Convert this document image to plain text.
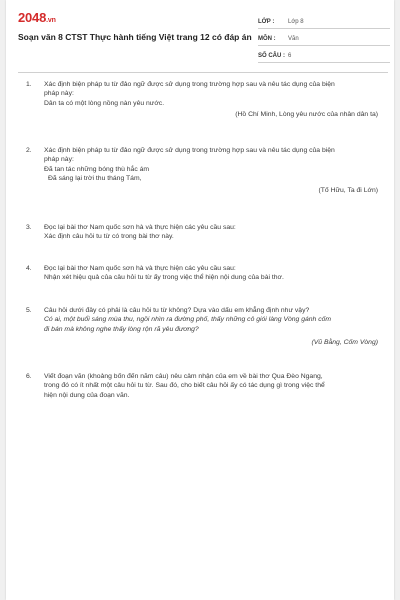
2048.vn
Soạn văn 8 CTST Thực hành tiếng Việt trang 12 có đáp án
LỚP : Lớp 8
MÔN : Văn
SỐ CÂU : 6
1. Xác định biện pháp tu từ đảo ngữ được sử dụng trong trường hợp sau và nêu tác dụng của biện
pháp này:
Dân ta có một lòng nồng nàn yêu nước.
(Hồ Chí Minh, Lòng yêu nước của nhân dân ta)
2. Xác định biện pháp tu từ đảo ngữ được sử dụng trong trường hợp sau và nêu tác dụng của biện
pháp này:
Đã tan tác những bóng thù hắc ám
Đã sáng lại trời thu tháng Tám,
(Tố Hữu, Ta đi Lớn)
3. Đọc lại bài thơ Nam quốc sơn hà và thực hiện các yêu cầu sau:
Xác định câu hỏi tu từ có trong bài thơ này.
4. Đọc lại bài thơ Nam quốc sơn hà và thực hiện các yêu cầu sau:
Nhận xét hiệu quả của câu hỏi tu từ ấy trong việc thể hiện nội dung của bài thơ.
5. Câu hỏi dưới đây có phải là câu hỏi tu từ không? Dựa vào dấu em khẳng định như vậy?
Có ai, một buổi sáng mùa thu, ngồi nhìn ra đường phố, thấy những cô giói làng Vòng gánh cốm
đi bán mà không nghe thấy lòng rộn rã yêu đương?
(Vũ Bằng, Cốm Vòng)
6. Viết đoạn văn (khoảng bốn đến năm câu) nêu cảm nhận của em về bài thơ Qua Đèo Ngang,
trong đó có ít nhất một câu hỏi tu từ. Sau đó, cho biết câu hỏi ấy có tác dụng gì trong việc thể
hiện nội dung của đoạn văn.
